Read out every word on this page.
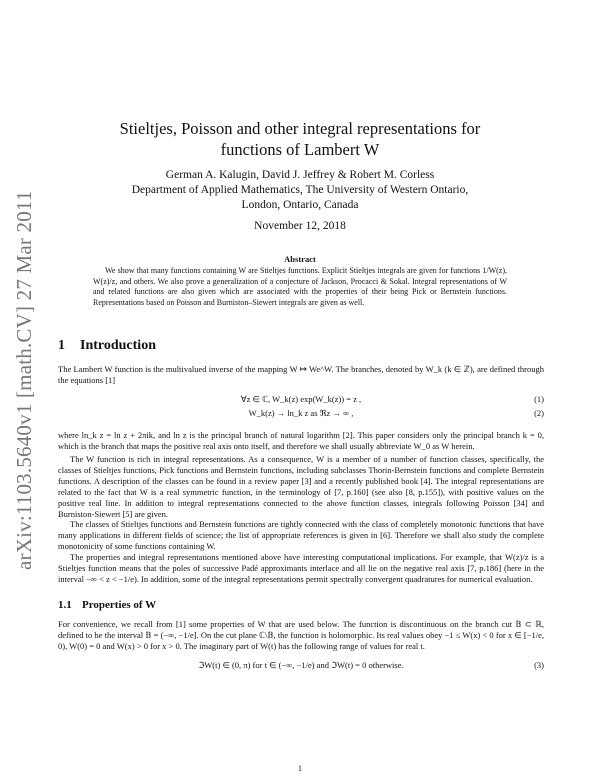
arXiv:1103.5640v1 [math.CV] 27 Mar 2011
Stieltjes, Poisson and other integral representations for
functions of Lambert W
German A. Kalugin, David J. Jeffrey & Robert M. Corless
Department of Applied Mathematics, The University of Western Ontario,
London, Ontario, Canada
November 12, 2018
Abstract
We show that many functions containing W are Stieltjes functions. Explicit Stieltjes integrals are given for functions 1/W(z), W(z)/z, and others. We also prove a generalization of a conjecture of Jackson, Procacci & Sokal. Integral representations of W and related functions are also given which are associated with the properties of their being Pick or Bernstein functions. Representations based on Poisson and Burniston–Siewert integrals are given as well.
1 Introduction
The Lambert W function is the multivalued inverse of the mapping W ↦ We^W. The branches, denoted by W_k (k ∈ ℤ), are defined through the equations [1]
∀z ∈ ℂ, W_k(z) exp(W_k(z)) = z ,	(1)
W_k(z) → ln_k z as ℜz → ∞ ,	(2)
where ln_k z = ln z + 2πik, and ln z is the principal branch of natural logarithm [2]. This paper considers only the principal branch k = 0, which is the branch that maps the positive real axis onto itself, and therefore we shall usually abbreviate W_0 as W herein.
The W function is rich in integral representations. As a consequence, W is a member of a number of function classes, specifically, the classes of Stieltjes functions, Pick functions and Bernstein functions, including subclasses Thorin-Bernstein functions and complete Bernstein functions. A description of the classes can be found in a review paper [3] and a recently published book [4]. The integral representations are related to the fact that W is a real symmetric function, in the terminology of [7, p.160] (see also [8, p.155]), with positive values on the positive real line. In addition to integral representations connected to the above function classes, integrals following Poisson [34] and Burniston-Siewert [5] are given.
The classes of Stieltjes functions and Bernstein functions are tightly connected with the class of completely monotonic functions that have many applications in different fields of science; the list of appropriate references is given in [6]. Therefore we shall also study the complete monotonicity of some functions containing W.
1.1 Properties of W
For convenience, we recall from [1] some properties of W that are used below. The function is discontinuous on the branch cut 𝔹 ⊂ ℝ, defined to be the interval 𝔹 = (−∞, −1/e]. On the cut plane ℂ\𝔹, the function is holomorphic. Its real values obey −1 ≤ W(x) < 0 for x ∈ [−1/e, 0), W(0) = 0 and W(x) > 0 for x > 0. The imaginary part of W(t) has the following range of values for real t.
ℑW(t) ∈ (0, π) for t ∈ (−∞, −1/e) and ℑW(t) = 0 otherwise.	(3)
1
The properties and integral representations mentioned above have interesting computational implications. For example, that W(z)/z is a Stieltjes function means that the poles of successive Padé approximants interlace and all lie on the negative real axis [7, p.186] (here in the interval −∞ < z < −1/e). In addition, some of the integral representations permit spectrally convergent quadratures for numerical evaluation.
